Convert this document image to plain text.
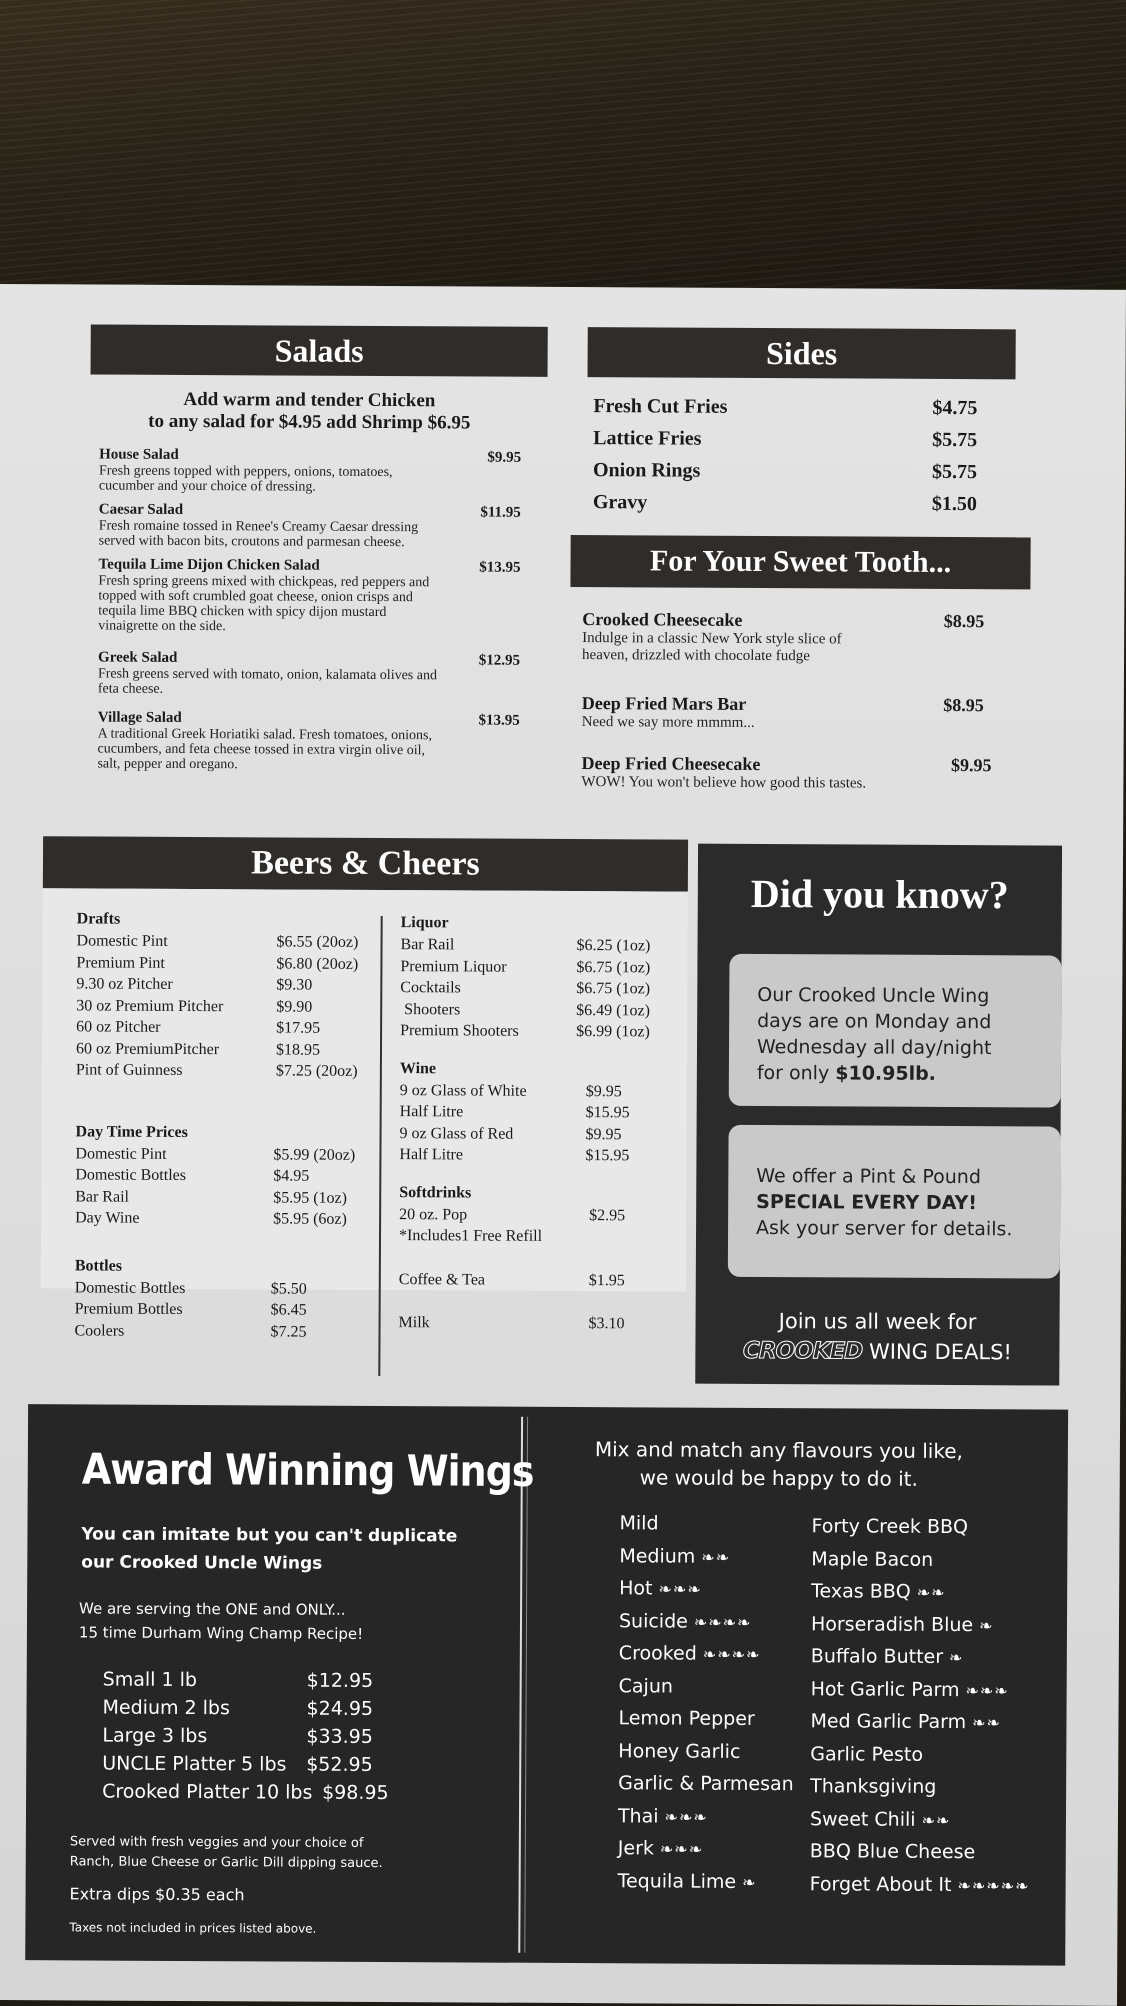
Salads
Add warm and tender Chicken
to any salad for $4.95 add Shrimp $6.95
House Salad	$9.95
Fresh greens topped with peppers, onions, tomatoes,
cucumber and your choice of dressing.
Caesar Salad	$11.95
Fresh romaine tossed in Renee's Creamy Caesar dressing
served with bacon bits, croutons and parmesan cheese.
Tequila Lime Dijon Chicken Salad	$13.95
Fresh spring greens mixed with chickpeas, red peppers and
topped with soft crumbled goat cheese, onion crisps and
tequila lime BBQ chicken with spicy dijon mustard
vinaigrette on the side.
Greek Salad	$12.95
Fresh greens served with tomato, onion, kalamata olives and
feta cheese.
Village Salad	$13.95
A traditional Greek Horiatiki salad. Fresh tomatoes, onions,
cucumbers, and feta cheese tossed in extra virgin olive oil,
salt, pepper and oregano.
Sides
Fresh Cut Fries	$4.75
Lattice Fries	$5.75
Onion Rings	$5.75
Gravy	$1.50
For Your Sweet Tooth...
Crooked Cheesecake	$8.95
Indulge in a classic New York style slice of
heaven, drizzled with chocolate fudge
Deep Fried Mars Bar	$8.95
Need we say more mmmm...
Deep Fried Cheesecake	$9.95
WOW! You won't believe how good this tastes.
Beers & Cheers
Drafts
Domestic Pint	$6.55 (20oz)
Premium Pint	$6.80 (20oz)
9.30 oz Pitcher	$9.30
30 oz Premium Pitcher	$9.90
60 oz Pitcher	$17.95
60 oz PremiumPitcher	$18.95
Pint of Guinness	$7.25 (20oz)
Day Time Prices
Domestic Pint	$5.99 (20oz)
Domestic Bottles	$4.95
Bar Rail	$5.95 (1oz)
Day Wine	$5.95 (6oz)
Bottles
Domestic Bottles	$5.50
Premium Bottles	$6.45
Coolers	$7.25
Liquor
Bar Rail	$6.25 (1oz)
Premium Liquor	$6.75 (1oz)
Cocktails	$6.75 (1oz)
Shooters	$6.49 (1oz)
Premium Shooters	$6.99 (1oz)
Wine
9 oz Glass of White	$9.95
Half Litre	$15.95
9 oz Glass of Red	$9.95
Half Litre	$15.95
Softdrinks
20 oz. Pop	$2.95
*Includes1 Free Refill
Coffee & Tea	$1.95
Milk	$3.10
Did you know?
Our Crooked Uncle Wing
days are on Monday and
Wednesday all day/night
for only $10.95lb.
We offer a Pint & Pound
SPECIAL EVERY DAY!
Ask your server for details.
Join us all week for
CROOKED WING DEALS!
Award Winning Wings
You can imitate but you can't duplicate
our Crooked Uncle Wings
We are serving the ONE and ONLY...
15 time Durham Wing Champ Recipe!
Small 1 lb	$12.95
Medium 2 lbs	$24.95
Large 3 lbs	$33.95
UNCLE Platter 5 lbs $52.95
Crooked Platter 10 lbs $98.95
Served with fresh veggies and your choice of
Ranch, Blue Cheese or Garlic Dill dipping sauce.
Extra dips $0.35 each
Taxes not included in prices listed above.
Mix and match any flavours you like,
we would be happy to do it.
Mild
Medium ❧❧
Hot ❧❧❧
Suicide ❧❧❧❧
Crooked ❧❧❧❧
Cajun
Lemon Pepper
Honey Garlic
Garlic & Parmesan
Thai ❧❧❧
Jerk ❧❧❧
Tequila Lime ❧
Forty Creek BBQ
Maple Bacon
Texas BBQ ❧❧
Horseradish Blue ❧
Buffalo Butter ❧
Hot Garlic Parm ❧❧❧
Med Garlic Parm ❧❧
Garlic Pesto
Thanksgiving
Sweet Chili ❧❧
BBQ Blue Cheese
Forget About It ❧❧❧❧❧
